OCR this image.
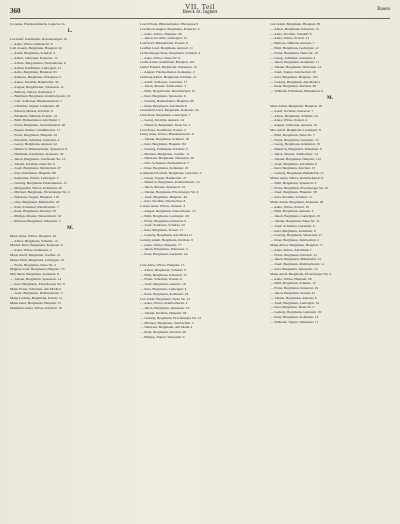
360	VII. Teil
Beeck St. Ingbert
Rauen
Lu Anna, Fabrikarbeiterin, Lagerstr. 3a
L.
Lai Adolf, Kaufmann, Ravensburgstr. 16
— Anna, Witwe, Rathausstr. 8
Laib Joseph, Bergmann, Hauptstr. 42
— Adolf, Bergmann, Schulstr. 3
— Albert, Schreiner, Kaiserstr. 12
— Alfons, Bergarbeiter, Neuweilerstr. 6
— Alfred, Kaufmann, Ludwigstr. 21
— Alois, Bergmann, Hauptstr. 95
— Andreas, Bergmann, Pfarrgasse 2
— Anton, Invalide, Bahnhofstr. 34
— August, Bergarbeiter, Wiesenstr. 11
— Barbara, Witwe, Kohlenstr. 7
— Bernhard, Bergmann, Rohrbacherstr. 19
— Carl, Schlosser, Blieskastelerstr. 5
— Christian, Tagner, Grubenstr. 28
— Eduard, Maurer, Kirchstr. 9
— Elisabeth, Näherin, Poststr. 14
— Emil, Bahnarbeiter, Am Markt 3
— Ernst, Bergmann, Saarbrückerstr. 40
— Eugen, Dreher, Glashüttenstr. 17
— Franz, Bergmann, Hauptstr. 61
— Friedrich, Schmied, Gartenstr. 4
— Georg, Bergmann, Annastr. 22
— Heinrich, Hüttenarbeiter, Spieserstr. 8
— Hermann, Kaufmann, Kaiserstr. 30
— Jakob, Bergmann, Josefstaler Str. 13
— Johann, Invalide, Neue Str. 6
— Josef, Bergmann, Sulzbachstr. 27
— Karl, Fuhrmann, Hauptstr. 88
— Katharina, Witwe, Ludwigstr. 3
— Ludwig, Bergmann, Ensheimerstr. 15
— Margaretha, Witwe, Kohlenstr. 20
— Michael, Bergmann, Elversberger Str. 2
— Nikolaus, Tagner, Hauptstr. 119
— Otto, Bergmann, Bahnhofstr. 18
— Paul, Schreiner, Rischbachstr. 7
— Peter, Bergmann, Kirchstr. 33
— Philipp, Maurer, Neuweilerstr. 10
— Richard, Bergmann, Wiesenstr. 5
M.
Mach Anna, Witwe, Hauptstr. 44
— Albert, Bergmann, Schulstr. 12
Macher Peter, Bergmann, Kaiserstr. 9
— Anna, Witwe, Kohlenstr. 4
Mack Adolf, Bergmann, Josefstr. 21
Mader Emil, Bergmann, Ludwigstr. 16
— Franz, Bergmann, Neue Str. 2
Magnus Josef, Bergmann, Hauptstr. 73
Mai Jakob, Bergmann, Gartenstr. 8
— Johann, Bergmann, Spieserstr. 14
— Karl, Bergmann, Elversberger Str. 9
Maier Franz, Schreiner, Am Markt 6
— Josef, Bergmann, Rohrbacherstr. 3
Mang Ludwig, Bergmann, Poststr. 11
Mann Peter, Bergmann, Hauptstr. 57
Mannhard Anna, Witwe, Kirchstr. 19
Lesch Franz, Hüttenarbeiter, Pfarrgasse 6
Leschhorn August, Bergmann, Kaiserstr. 2
— Anna, Witwe, Hauptstr. 29
— Jakob, Invalide, Ludwigstr. 15
Leuf Karl, Bahnarbeiter, Poststr. 8
Leuffen Josef, Bergmann, Annastr. 11
Lichtenberger Peter, Bergmann, Schulstr. 4
— Anna, Witwe, Neue Str. 9
Lichti Adam, Kaufmann, Hauptstr. 101
Liebel Eduard, Bergmann, Wiesenstr. 13
— August, Fabrikarbeiter, Kohlenstr. 2
Lieblang Albert, Bergmann, Kirchstr. 21
— Adolf, Schlosser, Gartenstr. 17
— Jakob, Maurer, Sulzbachstr. 3
— Emil, Bergarbeiter, Rischbachstr. 12
— Karl, Bergmann, Spieserstr. 6
— Ludwig, Bahnarbeiter, Hauptstr. 66
— Peter, Bergmann, Am Markt 8
Liesenfeld Josef, Bergmann, Kaiserstr. 24
Linn Peter, Bergmann, Ludwigstr. 7
— Georg, Invalide, Annastr. 14
— Heinrich, Bergmann, Neue Str. 3
Lion Ernst, Kaufmann, Poststr. 2
Littig Anna, Witwe, Blieskastelerstr. 9
— Johann, Bergmann, Schulstr. 18
— Karl, Bergmann, Hauptstr. 84
— Ludwig, Fuhrmann, Kirchstr. 5
— Michael, Bergmann, Josefstr. 11
— Nikolaus, Bergmann, Wiesenstr. 20
— Otto, Schreiner, Ensheimerstr. 7
— Peter, Bergmann, Kohlenstr. 16
Lohmann Friedrich, Bergmann, Gartenstr. 2
— Georg, Tagner, Bahnhofstr. 27
— Heinrich, Bergmann, Rohrbacherstr. 14
— Jakob, Maurer, Spieserstr. 19
— Johann, Bergmann, Elversberger Str. 6
— Josef, Bergmann, Hauptstr. 49
— Karl, Invalide, Sulzbachstr. 8
Lorenz Anna, Witwe, Annastr. 3
— August, Bergmann, Neuweilerstr. 15
— Emil, Bergmann, Ludwigstr. 29
— Franz, Bergmann, Kaiserstr. 6
— Josef, Schlosser, Schulstr. 22
— Karl, Bergmann, Poststr. 17
— Ludwig, Bergmann, Am Markt 11
Ludwig Adam, Bergmann, Kirchstr. 8
— Anna, Witwe, Hauptstr. 77
— Jakob, Bergmann, Wiesenstr. 2
— Peter, Bergmann, Gartenstr. 24
Lutz Anna, Witwe, Hauptstr. 15
— Albert, Bergmann, Schulstr. 9
— Emil, Bergmann, Kaiserstr. 31
— Franz, Schreiner, Poststr. 6
— Josef, Bergmann, Annastr. 18
— Karl, Bergmann, Ludwigstr. 4
— Peter, Bergmann, Kohlenstr. 23
Lux Adolf, Bergmann, Neue Str. 13
— Anna, Witwe, Rohrbacherstr. 2
— Jakob, Bergmann, Spieserstr. 10
— Johann, Invalide, Hauptstr. 92
— Ludwig, Bergmann, Elversberger Str. 12
— Michael, Bergmann, Sulzbachstr. 5
— Nikolaus, Bergmann, Am Markt 4
— Peter, Bergmann, Kirchstr. 26
— Philipp, Tagner, Wiesenstr. 9
Lux Adam, Bergmann, Hauptstr. 38
— Albert, Bergmann, Kaiserstr. 15
— Alois, Invalide, Schulstr. 6
— Anna, Witwe, Poststr. 13
— Barbara, Näherin, Annastr. 7
— Emil, Bergmann, Ludwigstr. 12
— Franz, Bergmann, Neue Str. 18
— Georg, Schmied, Gartenstr. 9
— Jakob, Bergmann, Kohlenstr. 11
— Johann, Bergmann, Wiesenstr. 14
— Josef, Tagner, Sulzbachstr. 20
— Karl, Bergmann, Hauptstr. 105
— Ludwig, Bergmann, Am Markt 2
— Peter, Bergmann, Kirchstr. 30
— Wilhelm, Fuhrmann, Bahnhofstr. 6
M.
Maas Adam, Bergmann, Hauptstr. 18
— Adolf, Invalide, Kaiserstr. 7
— Albert, Bergmann, Schulstr. 24
— Anna, Witwe, Poststr. 4
— August, Schlosser, Annastr. 16
Mac Adolf, Bergmann, Ludwigstr. 8
— Emil, Bergmann, Neue Str. 7
— Franz, Bergmann, Gartenstr. 13
— Georg, Bergmann, Kohlenstr. 19
— Heinrich, Bergmann, Wiesenstr. 6
— Jakob, Maurer, Sulzbachstr. 14
— Johann, Bergmann, Hauptstr. 112
— Josef, Bergmann, Am Markt 9
— Karl, Bergmann, Kirchstr. 15
— Ludwig, Bergmann, Bahnhofstr. 21
Mader Anna, Witwe, Rohrbacherstr. 8
— Emil, Bergmann, Spieserstr. 3
— Franz, Bergmann, Elversberger Str. 15
— Josef, Bergmann, Hauptstr. 58
— Karl, Invalide, Schulstr. 11
Maier Adam, Bergmann, Kaiserstr. 28
— Anna, Witwe, Poststr. 19
— Emil, Bergmann, Annastr. 2
— Jakob, Bergmann, Ludwigstr. 23
— Johann, Bergmann, Neue Str. 11
— Josef, Schreiner, Gartenstr. 6
— Karl, Bergmann, Kohlenstr. 8
— Ludwig, Bergmann, Wiesenstr. 17
— Peter, Bergmann, Sulzbachstr. 2
Mang Albert, Bergmann, Hauptstr. 71
— Anna, Witwe, Am Markt 7
— Franz, Bergmann, Kirchstr. 12
— Jakob, Bergmann, Bahnhofstr. 15
— Josef, Bergmann, Rohrbacherstr. 11
— Karl, Bergmann, Spieserstr. 16
Mann Adolf, Bergmann, Elversberger Str. 4
— Anna, Witwe, Hauptstr. 26
— Emil, Bergmann, Schulstr. 15
— Franz, Bergmann, Kaiserstr. 19
— Jakob, Bergmann, Poststr. 22
— Johann, Bergmann, Annastr. 9
— Josef, Bergmann, Ludwigstr. 19
— Karl, Bergmann, Neue Str. 5
— Ludwig, Bergmann, Gartenstr. 20
— Peter, Bergmann, Kohlenstr. 14
— Wilhelm, Tagner, Wiesenstr. 11
